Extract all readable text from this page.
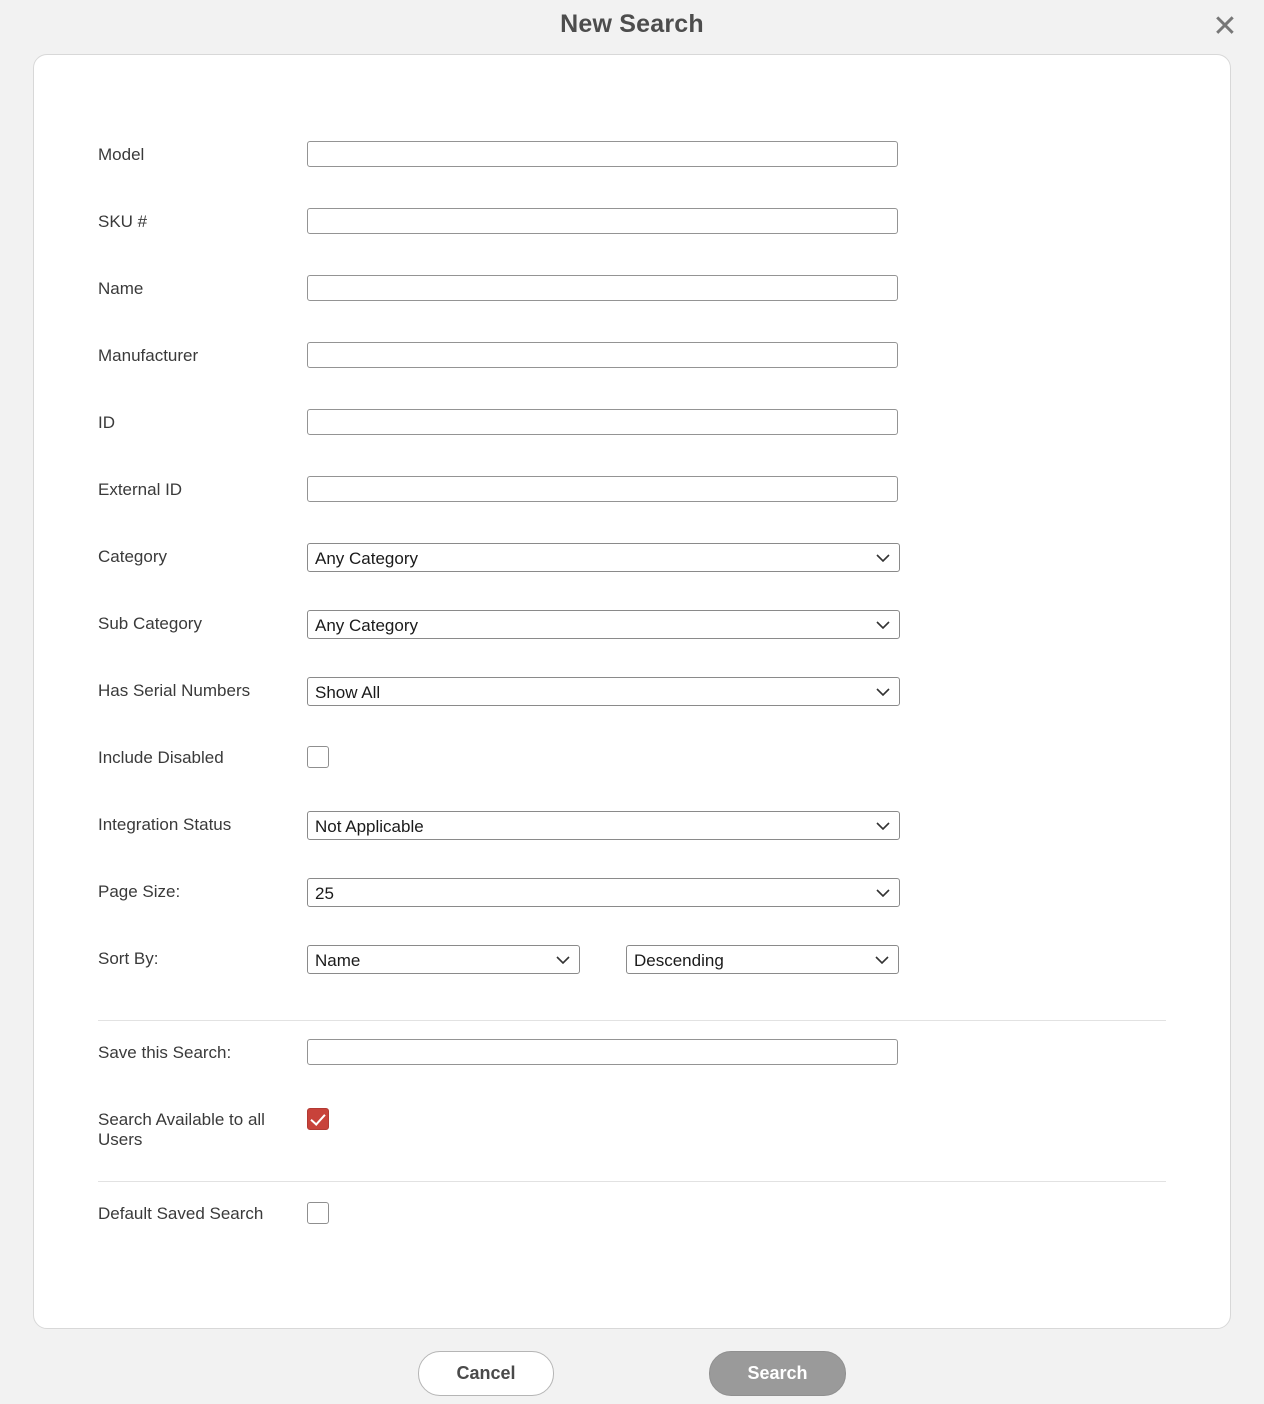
New Search	✕
Model
SKU #
Name
Manufacturer
ID
External ID
Category
Any Category
Sub Category
Any Category
Has Serial Numbers
Show All
Include Disabled
Integration Status
Not Applicable
Page Size:
25
Sort By:
Name
Descending
Save this Search:
Search Available to all Users
Default Saved Search
Cancel	Search
